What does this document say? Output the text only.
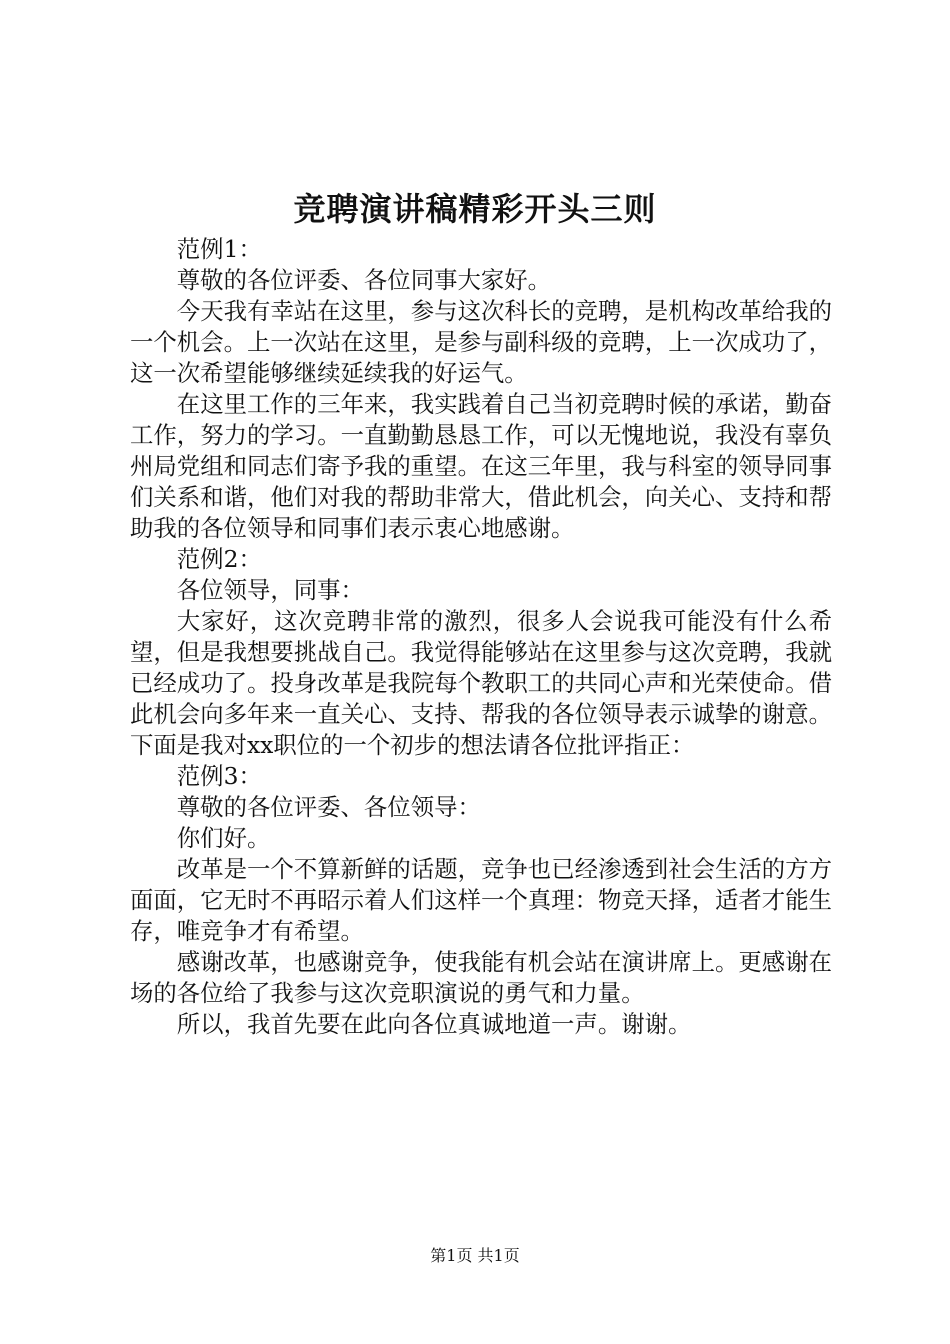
竞聘演讲稿精彩开头三则

范例1：

尊敬的各位评委、各位同事大家好。

今天我有幸站在这里，参与这次科长的竞聘，是机构改革给我的一个机会。上一次站在这里，是参与副科级的竞聘，上一次成功了，这一次希望能够继续延续我的好运气。

在这里工作的三年来，我实践着自己当初竞聘时候的承诺，勤奋工作，努力的学习。一直勤勤恳恳工作，可以无愧地说，我没有辜负州局党组和同志们寄予我的重望。在这三年里，我与科室的领导同事们关系和谐，他们对我的帮助非常大，借此机会，向关心、支持和帮助我的各位领导和同事们表示衷心地感谢。

范例2：

各位领导，同事：

大家好，这次竞聘非常的激烈，很多人会说我可能没有什么希望，但是我想要挑战自己。我觉得能够站在这里参与这次竞聘，我就已经成功了。投身改革是我院每个教职工的共同心声和光荣使命。借此机会向多年来一直关心、支持、帮我的各位领导表示诚挚的谢意。下面是我对xx职位的一个初步的想法请各位批评指正：

范例3：

尊敬的各位评委、各位领导：

你们好。

改革是一个不算新鲜的话题，竞争也已经渗透到社会生活的方方面面，它无时不再昭示着人们这样一个真理：物竞天择，适者才能生存，唯竞争才有希望。

感谢改革，也感谢竞争，使我能有机会站在演讲席上。更感谢在场的各位给了我参与这次竞职演说的勇气和力量。

所以，我首先要在此向各位真诚地道一声。谢谢。

第1页 共1页
